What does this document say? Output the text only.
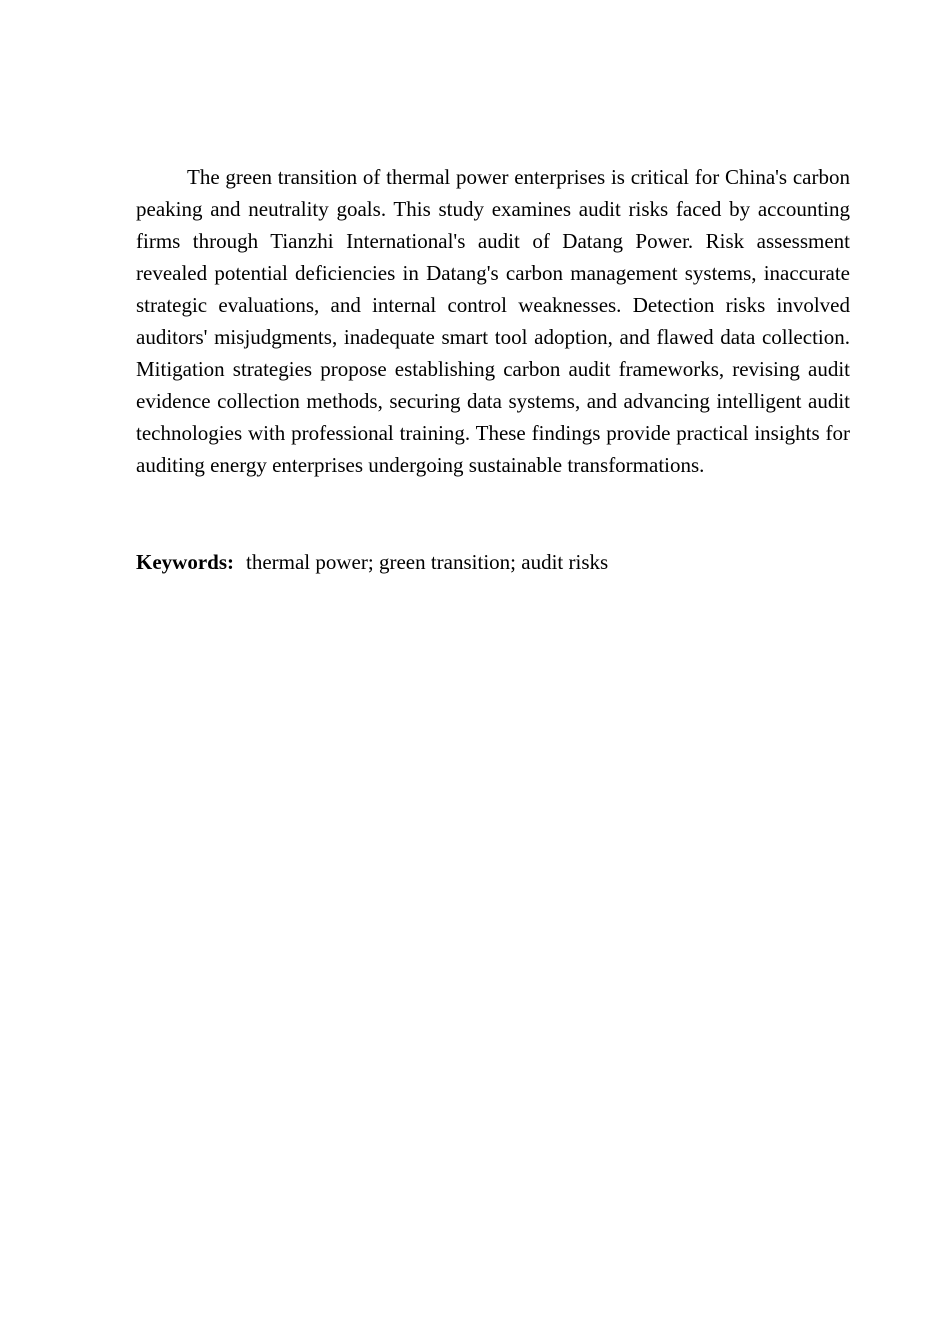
The green transition of thermal power enterprises is critical for China's carbon peaking and neutrality goals. This study examines audit risks faced by accounting firms through Tianzhi International's audit of Datang Power. Risk assessment revealed potential deficiencies in Datang's carbon management systems, inaccurate strategic evaluations, and internal control weaknesses. Detection risks involved auditors' misjudgments, inadequate smart tool adoption, and flawed data collection. Mitigation strategies propose establishing carbon audit frameworks, revising audit evidence collection methods, securing data systems, and advancing intelligent audit technologies with professional training. These findings provide practical insights for auditing energy enterprises undergoing sustainable transformations.

Keywords: thermal power; green transition; audit risks
